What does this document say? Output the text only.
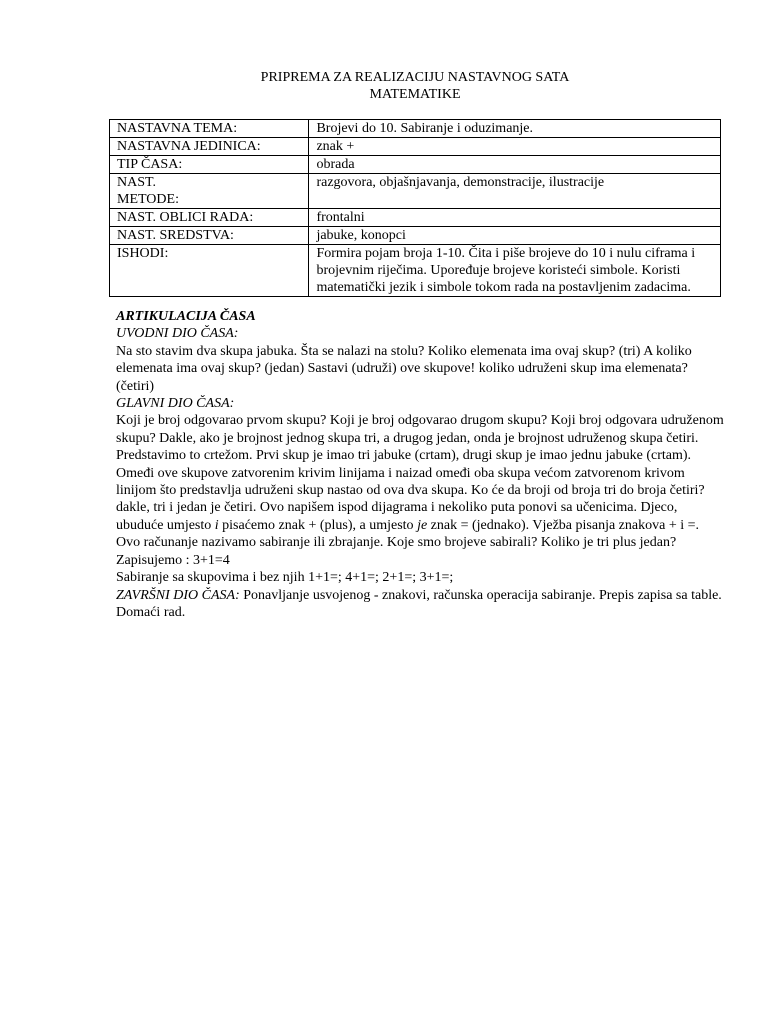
PRIPREMA ZA REALIZACIJU NASTAVNOG SATA
MATEMATIKE
NASTAVNA TEMA:	Brojevi do 10. Sabiranje i oduzimanje.
NASTAVNA JEDINICA:	znak +
TIP ČASA:	obrada
NAST.
METODE:	razgovora, objašnjavanja, demonstracije, ilustracije
NAST. OBLICI RADA:	frontalni
NAST. SREDSTVA:	jabuke, konopci
ISHODI:	Formira pojam broja 1-10. Čita i piše brojeve do 10 i nulu ciframa i brojevnim riječima. Upoređuje brojeve koristeći simbole. Koristi matematički jezik i simbole tokom rada na postavljenim zadacima.

ARTIKULACIJA ČASA

UVODNI DIO ČASA:

Na sto stavim dva skupa jabuka. Šta se nalazi na stolu? Koliko elemenata ima ovaj skup? (tri) A koliko elemenata ima ovaj skup? (jedan) Sastavi (udruži) ove skupove! koliko udruženi skup ima elemenata? (četiri)

GLAVNI DIO ČASA:

Koji je broj odgovarao prvom skupu? Koji je broj odgovarao drugom skupu? Koji broj odgovara udruženom skupu? Dakle, ako je brojnost jednog skupa tri, a drugog jedan, onda je brojnost udruženog skupa četiri.

Predstavimo to crtežom. Prvi skup je imao tri jabuke (crtam), drugi skup je imao jednu jabuke (crtam). Omeđi ove skupove zatvorenim krivim linijama i naizad omeđi oba skupa većom zatvorenom krivom linijom što predstavlja udruženi skup nastao od ova dva skupa. Ko će da broji od broja tri do broja četiri? dakle, tri i jedan je četiri. Ovo napišem ispod dijagrama i nekoliko puta ponovi sa učenicima. Djeco, ubuduće umjesto i pisaćemo znak + (plus), a umjesto je znak = (jednako). Vježba pisanja znakova + i =.

Ovo računanje nazivamo sabiranje ili zbrajanje. Koje smo brojeve sabirali? Koliko je tri plus jedan? Zapisujemo : 3+1=4

Sabiranje sa skupovima i bez njih 1+1=; 4+1=; 2+1=; 3+1=;

ZAVRŠNI DIO ČASA: Ponavljanje usvojenog - znakovi, računska operacija sabiranje. Prepis zapisa sa table. Domaći rad.
